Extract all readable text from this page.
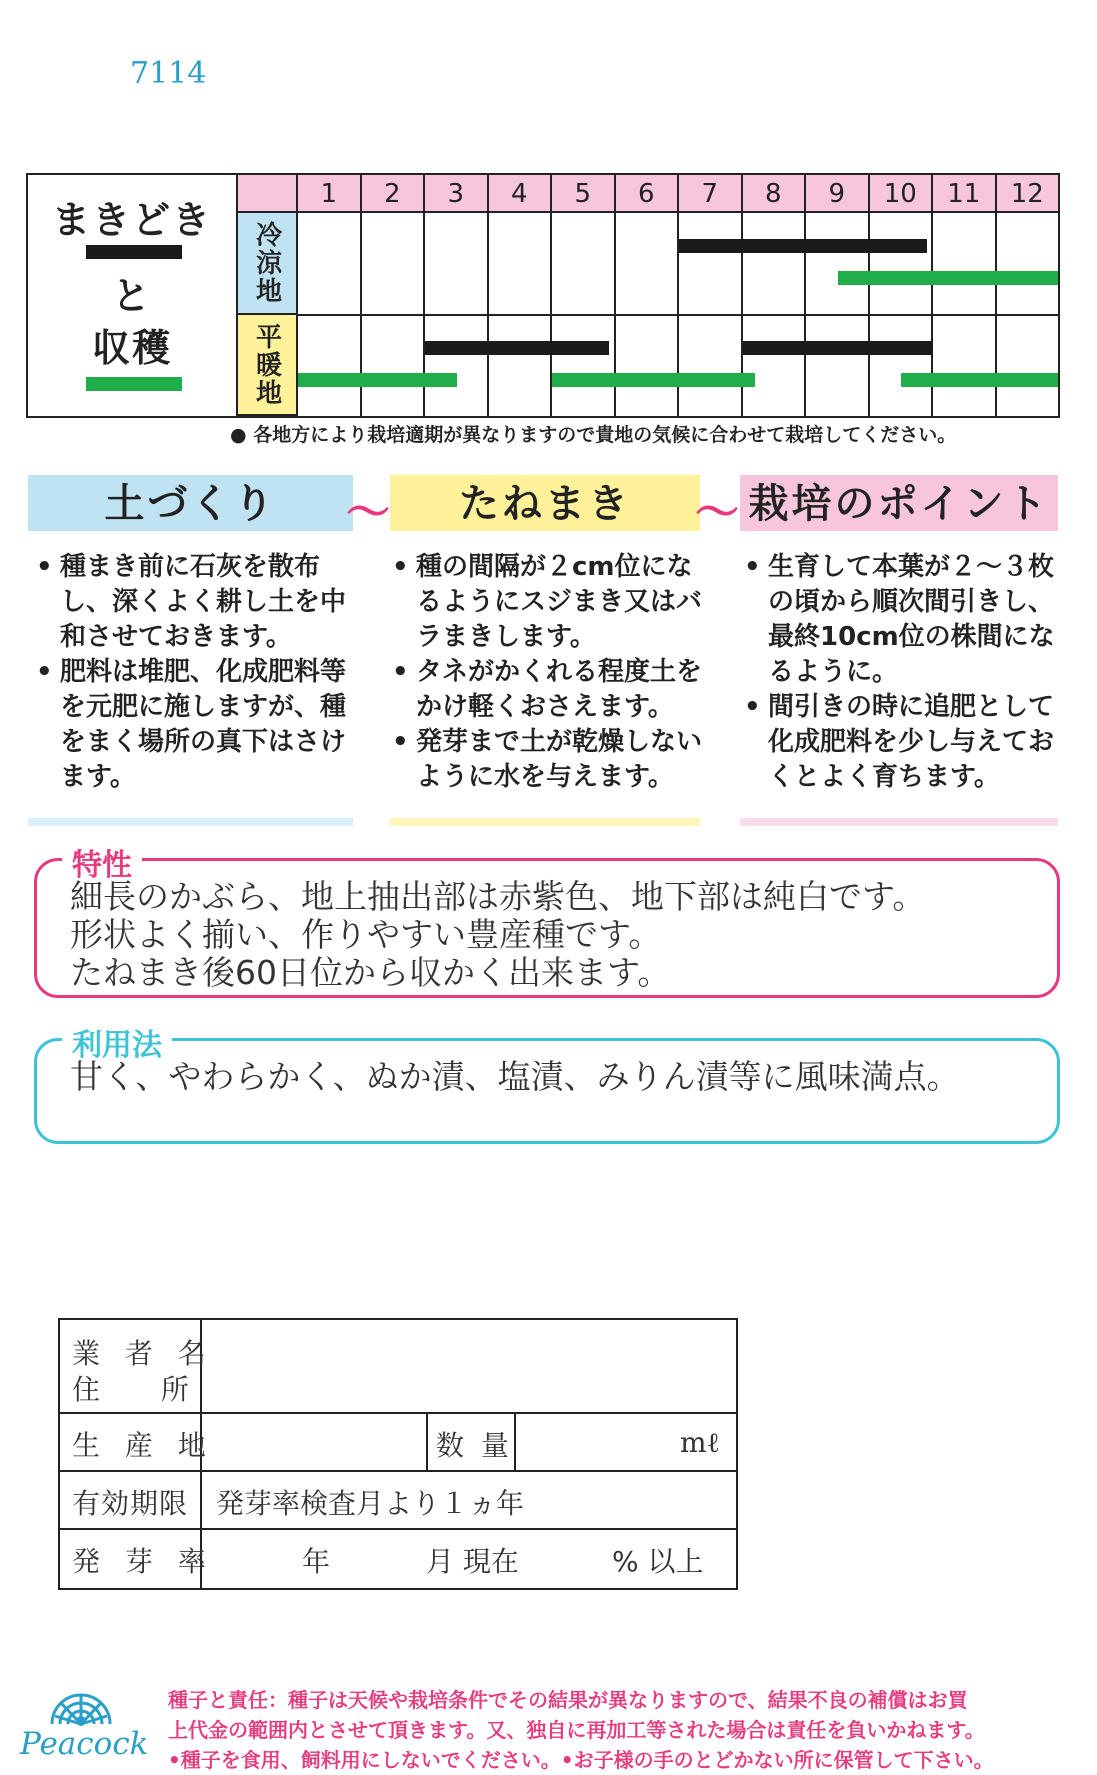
7114
まきどき
と
収穫
1	2	3	4	5	6	7	8	9	10	11	12
冷涼地
平暖地
● 各地方により栽培適期が異なりますので貴地の気候に合わせて栽培してください。
土づくり	～	たねまき	～ 栽培のポイント
• 種まき前に石灰を散布し、深くよく耕し土を中和させておきます。
• 肥料は堆肥、化成肥料等を元肥に施しますが、種をまく場所の真下はさけます。
• 種の間隔が２cm位になるようにスジまき又はバラまきします。
• タネがかくれる程度土をかけ軽くおさえます。
• 発芽まで土が乾燥しないように水を与えます。
• 生育して本葉が２～３枚の頃から順次間引きし、最終10cm位の株間になるように。
• 間引きの時に追肥として化成肥料を少し与えておくとよく育ちます。
特性
細長のかぶら、地上抽出部は赤紫色、地下部は純白です。
形状よく揃い、作りやすい豊産種です。
たねまき後60日位から収かく出来ます。
利用法
甘く、やわらかく、ぬか漬、塩漬、みりん漬等に風味満点。
業 者 名
住　 所
生 産 地	数 量	mℓ
有効期限 発芽率検査月より１ヵ年
発 芽 率	年	月 現在	% 以上
Peacock
種子と責任：種子は天候や栽培条件でその結果が異なりますので、結果不良の補償はお買
上代金の範囲内とさせて頂きます。又、独自に再加工等された場合は責任を負いかねます。
•種子を食用、飼料用にしないでください。•お子様の手のとどかない所に保管して下さい。
